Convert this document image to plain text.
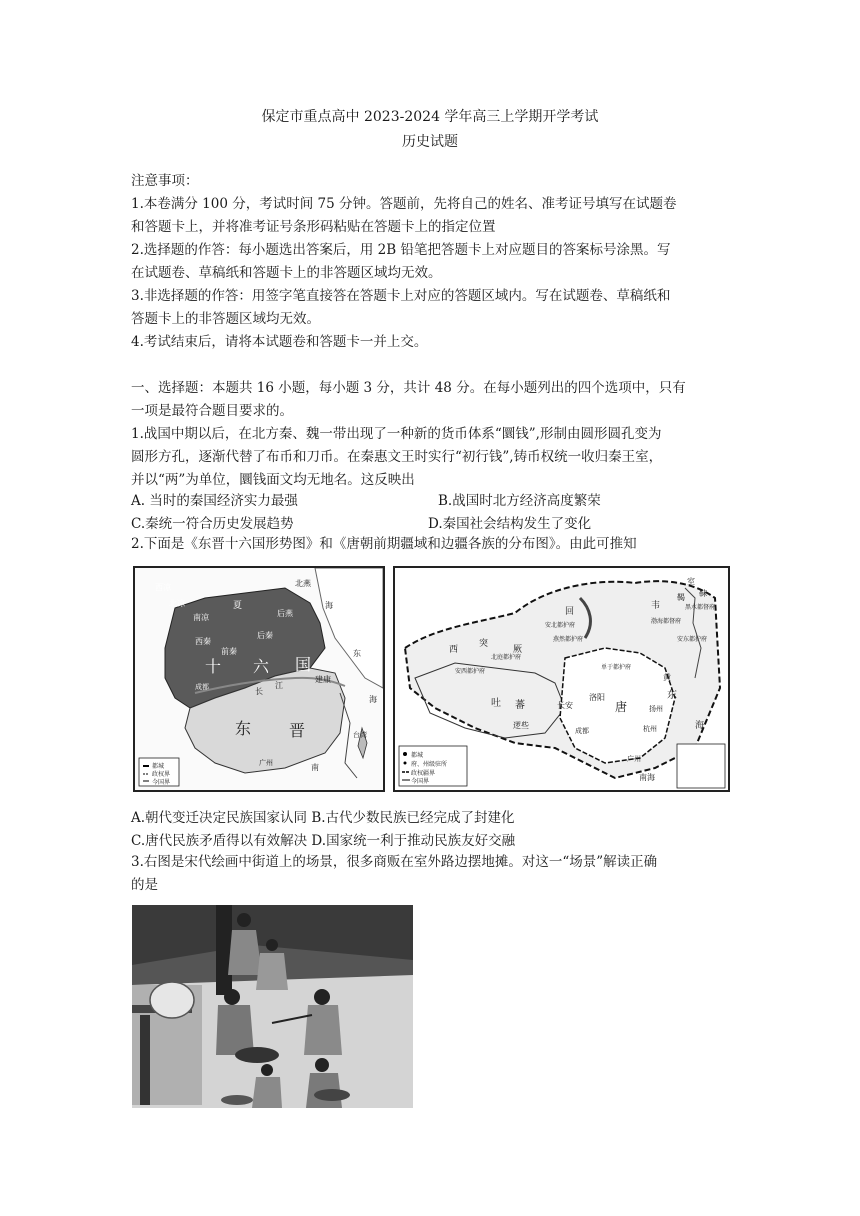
保定市重点高中 2023-2024 学年高三上学期开学考试
历史试题
注意事项：
1.本卷满分 100 分，考试时间 75 分钟。答题前，先将自己的姓名、准考证号填写在试题卷
和答题卡上，并将准考证号条形码粘贴在答题卡上的指定位置
2.选择题的作答：每小题选出答案后，用 2B 铅笔把答题卡上对应题目的答案标号涂黑。写
在试题卷、草稿纸和答题卡上的非答题区域均无效。
3.非选择题的作答：用签字笔直接答在答题卡上对应的答题区域内。写在试题卷、草稿纸和
答题卡上的非答题区域均无效。
4.考试结束后，请将本试题卷和答题卡一并上交。
一、选择题：本题共 16 小题，每小题 3 分，共计 48 分。在每小题列出的四个选项中，只有
一项是最符合题目要求的。
1.战国中期以后，在北方秦、魏一带出现了一种新的货币体系“圜钱”,形制由圆形圆孔变为
圆形方孔，逐渐代替了布币和刀币。在秦惠文王时实行“初行钱”,铸币权统一收归秦王室，
并以“两”为单位，圜钱面文均无地名。这反映出
A. 当时的秦国经济实力最强	B.战国时北方经济高度繁荣
C.秦统一符合历史发展趋势	D.秦国社会结构发生了变化
2.下面是《东晋十六国形势图》和《唐朝前期疆域和边疆各族的分布图》。由此可推知
西凉
北凉
南凉
夏
北燕
后燕
后秦
西秦
前秦
十 六 国
东 晋
长
江
建康
海
东
南
海
广州
台湾
成都
都城
政权界
今国界
室
靺
回
韦
鞨
突
厥
西
吐 蕃	唐
长安
洛阳
逻些
扬州
成都	杭州
广州
东
黄
海
南海
安北都护府
北庭都护府
安西都护府
单于都护府
安东都护府
燕然都护府
黑水都督府
渤海都督府
都城
府、州级驻所
政权疆界
今国界
A.朝代变迁决定民族国家认同 B.古代少数民族已经完成了封建化
C.唐代民族矛盾得以有效解决 D.国家统一利于推动民族友好交融
3.右图是宋代绘画中街道上的场景，很多商贩在室外路边摆地摊。对这一“场景”解读正确
的是
